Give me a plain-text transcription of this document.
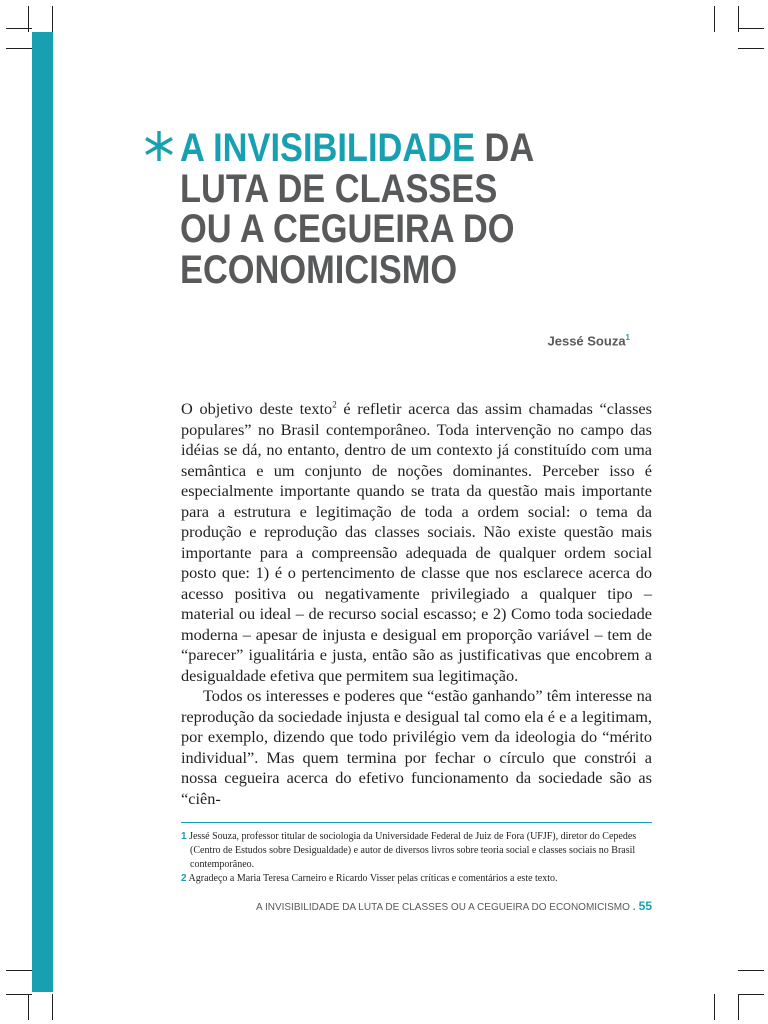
A INVISIBILIDADE DA
LUTA DE CLASSES
OU A CEGUEIRA DO
ECONOMICISMO
Jessé Souza$^1$

O objetivo deste texto$^2$ é refletir acerca das assim chamadas “classes populares” no Brasil contemporâneo. Toda intervenção no campo das idéias se dá, no entanto, dentro de um contexto já constituído com uma semântica e um conjunto de noções dominantes. Perceber isso é especialmente importante quando se trata da questão mais importante para a estrutura e legitimação de toda a ordem social: o tema da produção e reprodução das classes sociais. Não existe questão mais importante para a compreensão adequada de qualquer ordem social posto que: 1) é o pertencimento de classe que nos esclarece acerca do acesso positiva ou negativamente privilegiado a qualquer tipo – material ou ideal – de recurso social escasso; e 2) Como toda sociedade moderna – apesar de injusta e desigual em proporção variável – tem de “parecer” igualitária e justa, então são as justificativas que encobrem a desigualdade efetiva que permitem sua legitimação.

Todos os interesses e poderes que “estão ganhando” têm interesse na reprodução da sociedade injusta e desigual tal como ela é e a legitimam, por exemplo, dizendo que todo privilégio vem da ideologia do “mérito individual”. Mas quem termina por fechar o círculo que constrói a nossa cegueira acerca do efetivo funcionamento da sociedade são as “ciên-

1 Jessé Souza, professor titular de sociologia da Universidade Federal de Juiz de Fora (UFJF), diretor do Cepedes (Centro de Estudos sobre Desigualdade) e autor de diversos livros sobre teoria social e classes sociais no Brasil contemporâneo.

2 Agradeço a Maria Teresa Carneiro e Ricardo Visser pelas críticas e comentários a este texto.

A INVISIBILIDADE DA LUTA DE CLASSES OU A CEGUEIRA DO ECONOMICISMO . 55
